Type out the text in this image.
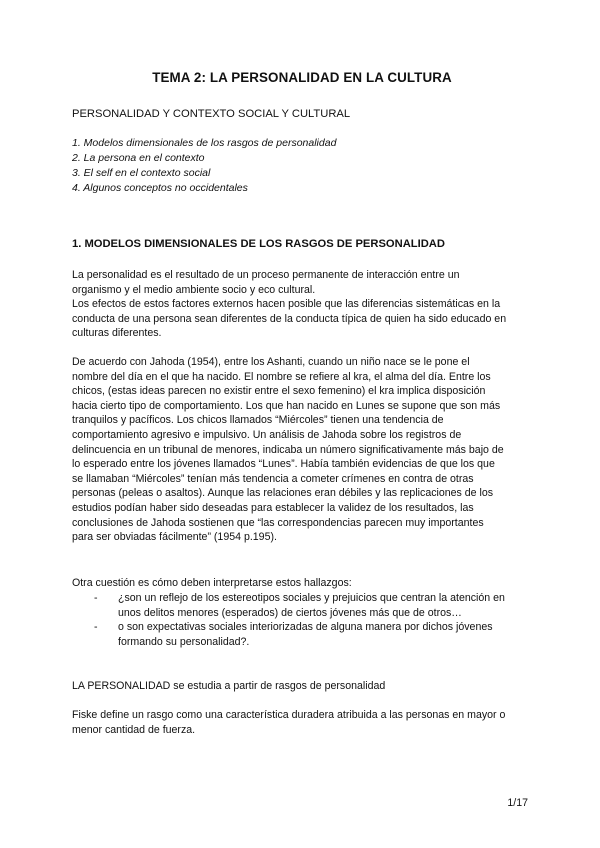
TEMA 2: LA PERSONALIDAD EN LA CULTURA
PERSONALIDAD Y CONTEXTO SOCIAL Y CULTURAL
1. Modelos dimensionales de los rasgos de personalidad
2. La persona en el contexto
3. El self en el contexto social
4. Algunos conceptos no occidentales
1. MODELOS DIMENSIONALES DE LOS RASGOS DE PERSONALIDAD
La personalidad es el resultado de un proceso permanente de interacción entre un
organismo y el medio ambiente socio y eco cultural.
Los efectos de estos factores externos hacen posible que las diferencias sistemáticas en la
conducta de una persona sean diferentes de la conducta típica de quien ha sido educado en
culturas diferentes.
De acuerdo con Jahoda (1954), entre los Ashanti, cuando un niño nace se le pone el
nombre del día en el que ha nacido. El nombre se refiere al kra, el alma del día. Entre los
chicos, (estas ideas parecen no existir entre el sexo femenino) el kra implica disposición
hacia cierto tipo de comportamiento. Los que han nacido en Lunes se supone que son más
tranquilos y pacíficos. Los chicos llamados “Miércoles” tienen una tendencia de
comportamiento agresivo e impulsivo. Un análisis de Jahoda sobre los registros de
delincuencia en un tribunal de menores, indicaba un número significativamente más bajo de
lo esperado entre los jóvenes llamados “Lunes”. Había también evidencias de que los que
se llamaban “Miércoles” tenían más tendencia a cometer crímenes en contra de otras
personas (peleas o asaltos). Aunque las relaciones eran débiles y las replicaciones de los
estudios podían haber sido deseadas para establecer la validez de los resultados, las
conclusiones de Jahoda sostienen que “las correspondencias parecen muy importantes
para ser obviadas fácilmente” (1954 p.195).
Otra cuestión es cómo deben interpretarse estos hallazgos:
- ¿son un reflejo de los estereotipos sociales y prejuicios que centran la atención en
unos delitos menores (esperados) de ciertos jóvenes más que de otros…
- o son expectativas sociales interiorizadas de alguna manera por dichos jóvenes
formando su personalidad?.
LA PERSONALIDAD se estudia a partir de rasgos de personalidad
Fiske define un rasgo como una característica duradera atribuida a las personas en mayor o
menor cantidad de fuerza.
1/17
